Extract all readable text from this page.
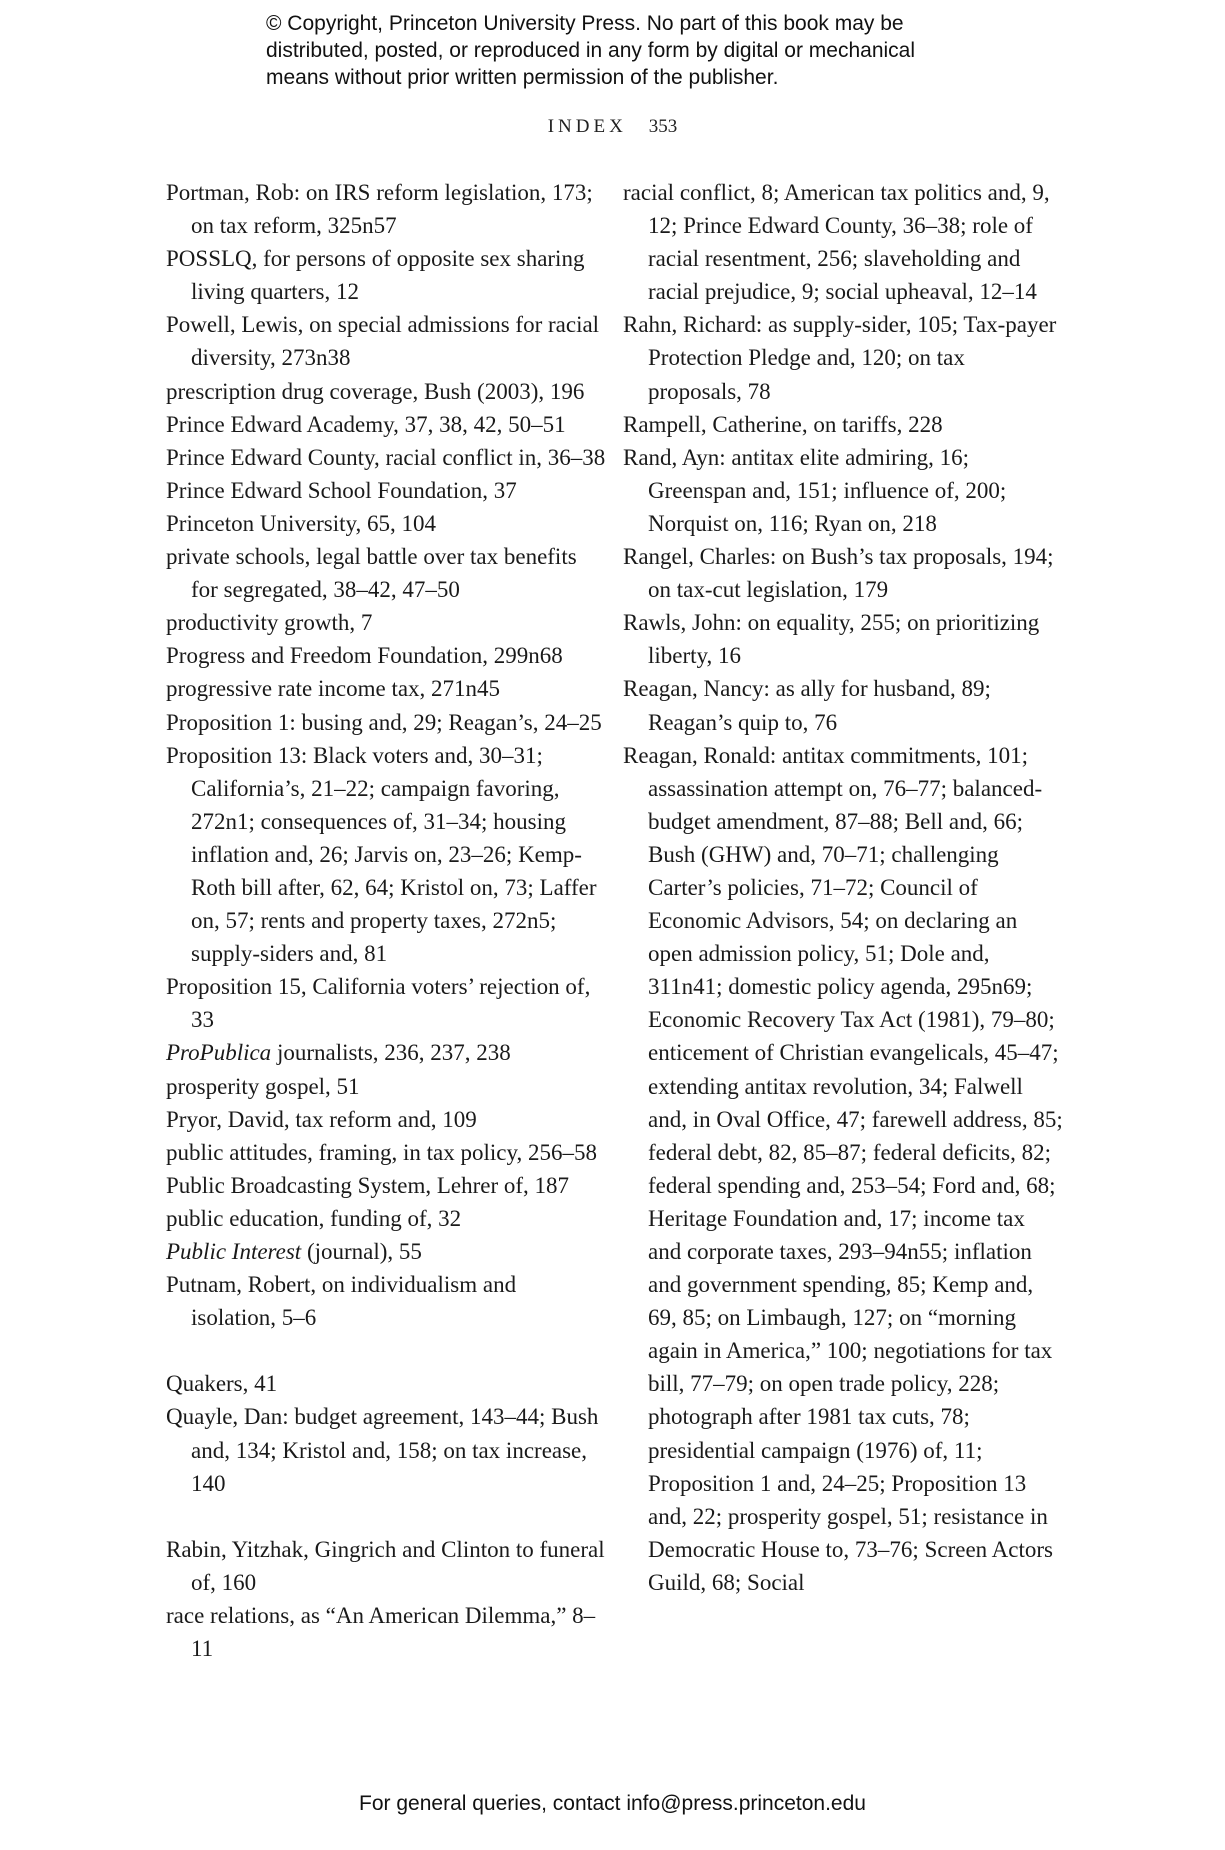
© Copyright, Princeton University Press. No part of this book may be
distributed, posted, or reproduced in any form by digital or mechanical
means without prior written permission of the publisher.
INDEX 353
Portman, Rob: on IRS reform legislation, 173; on tax reform, 325n57
POSSLQ, for persons of opposite sex sharing living quarters, 12
Powell, Lewis, on special admissions for racial diversity, 273n38
prescription drug coverage, Bush (2003), 196
Prince Edward Academy, 37, 38, 42, 50–51
Prince Edward County, racial conflict in, 36–38
Prince Edward School Foundation, 37
Princeton University, 65, 104
private schools, legal battle over tax benefits for segregated, 38–42, 47–50
productivity growth, 7
Progress and Freedom Foundation, 299n68
progressive rate income tax, 271n45
Proposition 1: busing and, 29; Reagan’s, 24–25
Proposition 13: Black voters and, 30–31; California’s, 21–22; campaign favoring, 272n1; consequences of, 31–34; housing inflation and, 26; Jarvis on, 23–26; Kemp-Roth bill after, 62, 64; Kristol on, 73; Laffer on, 57; rents and property taxes, 272n5; supply-siders and, 81
Proposition 15, California voters’ rejection of, 33
ProPublica journalists, 236, 237, 238
prosperity gospel, 51
Pryor, David, tax reform and, 109
public attitudes, framing, in tax policy, 256–58
Public Broadcasting System, Lehrer of, 187
public education, funding of, 32
Public Interest (journal), 55
Putnam, Robert, on individualism and isolation, 5–6
Quakers, 41
Quayle, Dan: budget agreement, 143–44; Bush and, 134; Kristol and, 158; on tax increase, 140
Rabin, Yitzhak, Gingrich and Clinton to funeral of, 160
race relations, as “An American Dilemma,” 8–11
racial conflict, 8; American tax politics and, 9, 12; Prince Edward County, 36–38; role of racial resentment, 256; slaveholding and racial prejudice, 9; social upheaval, 12–14
Rahn, Richard: as supply-sider, 105; Tax-payer Protection Pledge and, 120; on tax proposals, 78
Rampell, Catherine, on tariffs, 228
Rand, Ayn: antitax elite admiring, 16; Greenspan and, 151; influence of, 200; Norquist on, 116; Ryan on, 218
Rangel, Charles: on Bush’s tax proposals, 194; on tax-cut legislation, 179
Rawls, John: on equality, 255; on prioritizing liberty, 16
Reagan, Nancy: as ally for husband, 89; Reagan’s quip to, 76
Reagan, Ronald: antitax commitments, 101; assassination attempt on, 76–77; balanced-budget amendment, 87–88; Bell and, 66; Bush (GHW) and, 70–71; challenging Carter’s policies, 71–72; Council of Economic Advisors, 54; on declaring an open admission policy, 51; Dole and, 311n41; domestic policy agenda, 295n69; Economic Recovery Tax Act (1981), 79–80; enticement of Christian evangelicals, 45–47; extending antitax revolution, 34; Falwell and, in Oval Office, 47; farewell address, 85; federal debt, 82, 85–87; federal deficits, 82; federal spending and, 253–54; Ford and, 68; Heritage Foundation and, 17; income tax and corporate taxes, 293–94n55; inflation and government spending, 85; Kemp and, 69, 85; on Limbaugh, 127; on “morning again in America,” 100; negotiations for tax bill, 77–79; on open trade policy, 228; photograph after 1981 tax cuts, 78; presidential campaign (1976) of, 11; Proposition 1 and, 24–25; Proposition 13 and, 22; prosperity gospel, 51; resistance in Democratic House to, 73–76; Screen Actors Guild, 68; Social
For general queries, contact info@press.princeton.edu
